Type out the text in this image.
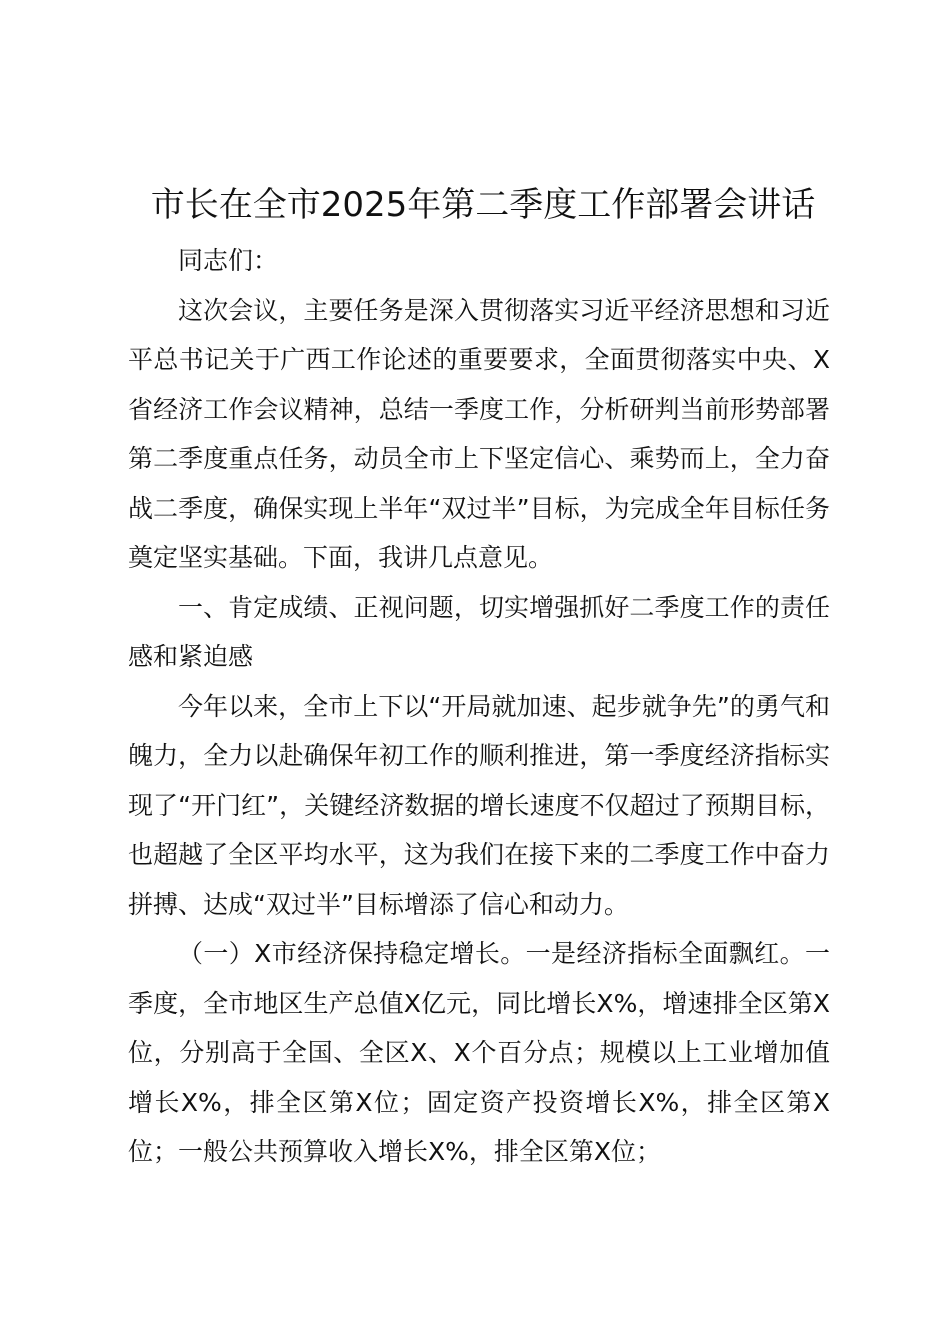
市长在全市2025年第二季度工作部署会讲话

同志们：

这次会议，主要任务是深入贯彻落实习近平经济思想和习近平总书记关于广西工作论述的重要要求，全面贯彻落实中央、X省经济工作会议精神，总结一季度工作，分析研判当前形势部署第二季度重点任务，动员全市上下坚定信心、乘势而上，全力奋战二季度，确保实现上半年“双过半”目标，为完成全年目标任务奠定坚实基础。下面，我讲几点意见。

一、肯定成绩、正视问题，切实增强抓好二季度工作的责任感和紧迫感

今年以来，全市上下以“开局就加速、起步就争先”的勇气和魄力，全力以赴确保年初工作的顺利推进，第一季度经济指标实现了“开门红”，关键经济数据的增长速度不仅超过了预期目标，也超越了全区平均水平，这为我们在接下来的二季度工作中奋力拼搏、达成“双过半”目标增添了信心和动力。

（一）X市经济保持稳定增长。一是经济指标全面飘红。一季度，全市地区生产总值X亿元，同比增长X%，增速排全区第X位，分别高于全国、全区X、X个百分点；规模以上工业增加值增长X%，排全区第X位；固定资产投资增长X%，排全区第X位；一般公共预算收入增长X%，排全区第X位；
